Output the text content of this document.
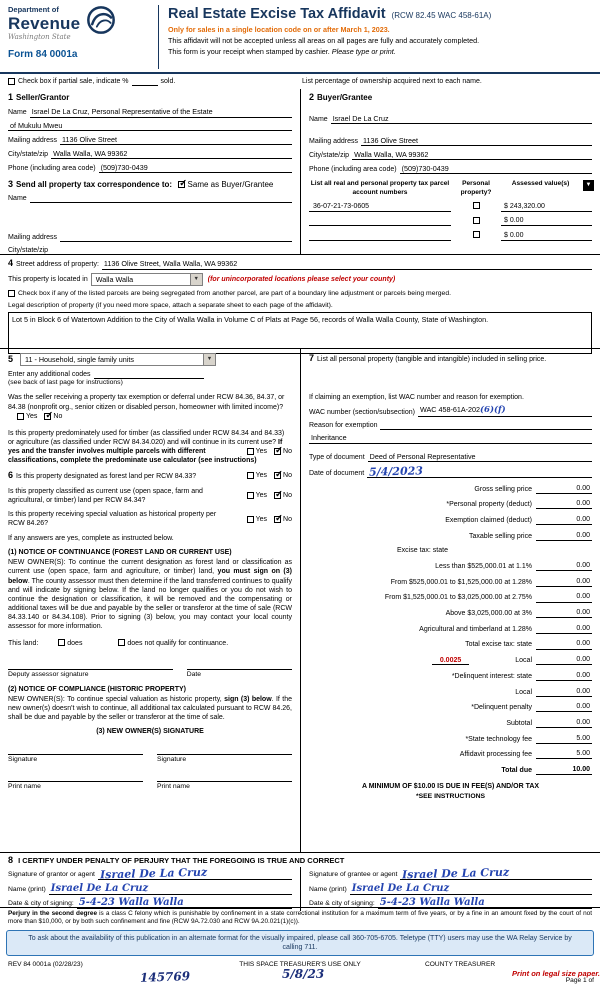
Department of
Revenue
Washington State
Form 84 0001a
Real Estate Excise Tax Affidavit (RCW 82.45 WAC 458-61A)
Only for sales in a single location code on or after March 1, 2023.
This affidavit will not be accepted unless all areas on all pages are fully and accurately completed.
This form is your receipt when stamped by cashier. Please type or print.
Check box if partial sale, indicate %	sold.	List percentage of ownership acquired next to each name.
1 Seller/Grantor
Name Israel De La Cruz, Personal Representative of the Estate
of Mukulu Mweu
Mailing address 1136 Olive Street
City/state/zip Walla Walla, WA 99362
Phone (including area code) (509)730-0439
3 Send all property tax correspondence to: ✓ Same as Buyer/Grantee
Name
Mailing address
City/state/zip
2 Buyer/Grantee
Name Israel De La Cruz
Mailing address 1136 Olive Street
City/state/zip Walla Walla, WA 99362
Phone (including area code) (509)730-0439
List all real and personal property tax parcel account numbers
Personal property?
Assessed value(s)	▼
36-07-21-73-0605	$ 243,320.00
$ 0.00
$ 0.00
4 Street address of property: 1136 Olive Street, Walla Walla, WA 99362
This property is located in	Walla Walla	▼	(for unincorporated locations please select your county)
Check box if any of the listed parcels are being segregated from another parcel, are part of a boundary line adjustment or parcels being merged.
Legal description of property (if you need more space, attach a separate sheet to each page of the affidavit).
Lot 5 in Block 6 of Watertown Addition to the City of Walla Walla in Volume C of Plats at Page 56, records of Walla Walla County, State of Washington.
5	11 - Household, single family units	▼
Enter any additional codes
(see back of last page for instructions)
Was the seller receiving a property tax exemption or deferral under RCW 84.36, 84.37, or 84.38 (nonprofit org., senior citizen or disabled person, homeowner with limited income)?
Yes ✓ No
Is this property predominately used for timber (as classified under RCW 84.34 and 84.33) or agriculture (as classified under RCW 84.34.020) and will continue in its current use?
Yes ✓ No
If yes and the transfer involves multiple parcels with different classifications, complete the predominate use calculator (see instructions)
6 Is this property designated as forest land per RCW 84.33?	Yes ✓ No
Is this property classified as current use (open space, farm and agricultural, or timber) land per RCW 84.34?
Yes ✓ No
Is this property receiving special valuation as historical property per RCW 84.26?
Yes ✓ No
If any answers are yes, complete as instructed below.
(1) NOTICE OF CONTINUANCE (FOREST LAND OR CURRENT USE)
NEW OWNER(S): To continue the current designation as forest land or classification as current use (open space, farm and agriculture, or timber) land, you must sign on (3) below. The county assessor must then determine if the land transferred continues to qualify and will indicate by signing below. If the land no longer qualifies or you do not wish to continue the designation or classification, it will be removed and the compensating or additional taxes will be due and payable by the seller or transferor at the time of sale (RCW 84.33.140 or 84.34.108). Prior to signing (3) below, you may contact your local county assessor for more information.
This land:	does	does not qualify for continuance.
Deputy assessor signature	Date
(2) NOTICE OF COMPLIANCE (HISTORIC PROPERTY)
NEW OWNER(S): To continue special valuation as historic property, sign (3) below. If the new owner(s) doesn't wish to continue, all additional tax calculated pursuant to RCW 84.26, shall be due and payable by the seller or transferor at the time of sale.
(3) NEW OWNER(S) SIGNATURE
Signature	Signature
Print name	Print name
7 List all personal property (tangible and intangible) included in selling price.
If claiming an exemption, list WAC number and reason for exemption.
WAC number (section/subsection) WAC 458-61A-202(6)(f)
Reason for exemption
Inheritance
Type of document Deed of Personal Representative
Date of document 5/4/2023
Gross selling price	0.00
*Personal property (deduct)	0.00
Exemption claimed (deduct)	0.00
Taxable selling price	0.00
Excise tax: state
Less than $525,000.01 at 1.1%	0.00
From $525,000.01 to $1,525,000.00 at 1.28%	0.00
From $1,525,000.01 to $3,025,000.00 at 2.75%	0.00
Above $3,025,000.00 at 3%	0.00
Agricultural and timberland at 1.28%	0.00
Total excise tax: state	0.00
0.0025	Local	0.00
*Delinquent interest: state	0.00
Local	0.00
*Delinquent penalty	0.00
Subtotal	0.00
*State technology fee	5.00
Affidavit processing fee	5.00
Total due	10.00
A MINIMUM OF $10.00 IS DUE IN FEE(S) AND/OR TAX
*SEE INSTRUCTIONS
8 I CERTIFY UNDER PENALTY OF PERJURY THAT THE FOREGOING IS TRUE AND CORRECT
Signature of grantor or agent Israel De La Cruz
Name (print) Israel De La Cruz
Date & city of signing: 5-4-23 Walla Walla
Signature of grantee or agent Israel De La Cruz
Name (print) Israel De La Cruz
Date & city of signing: 5-4-23 Walla Walla
Perjury in the second degree is a class C felony which is punishable by confinement in a state correctional institution for a maximum term of five years, or by a fine in an amount fixed by the court of not more than $10,000, or by both such confinement and fine (RCW 9A.72.030 and RCW 9A.20.021(1)(c)).
To ask about the availability of this publication in an alternate format for the visually impaired, please call 360-705-6705. Teletype (TTY) users may use the WA Relay Service by calling 711.
REV 84 0001a (02/28/23)	THIS SPACE TREASURER'S USE ONLY	COUNTY TREASURER
145769	5/8/23	Print on legal size paper.
Page 1 of
